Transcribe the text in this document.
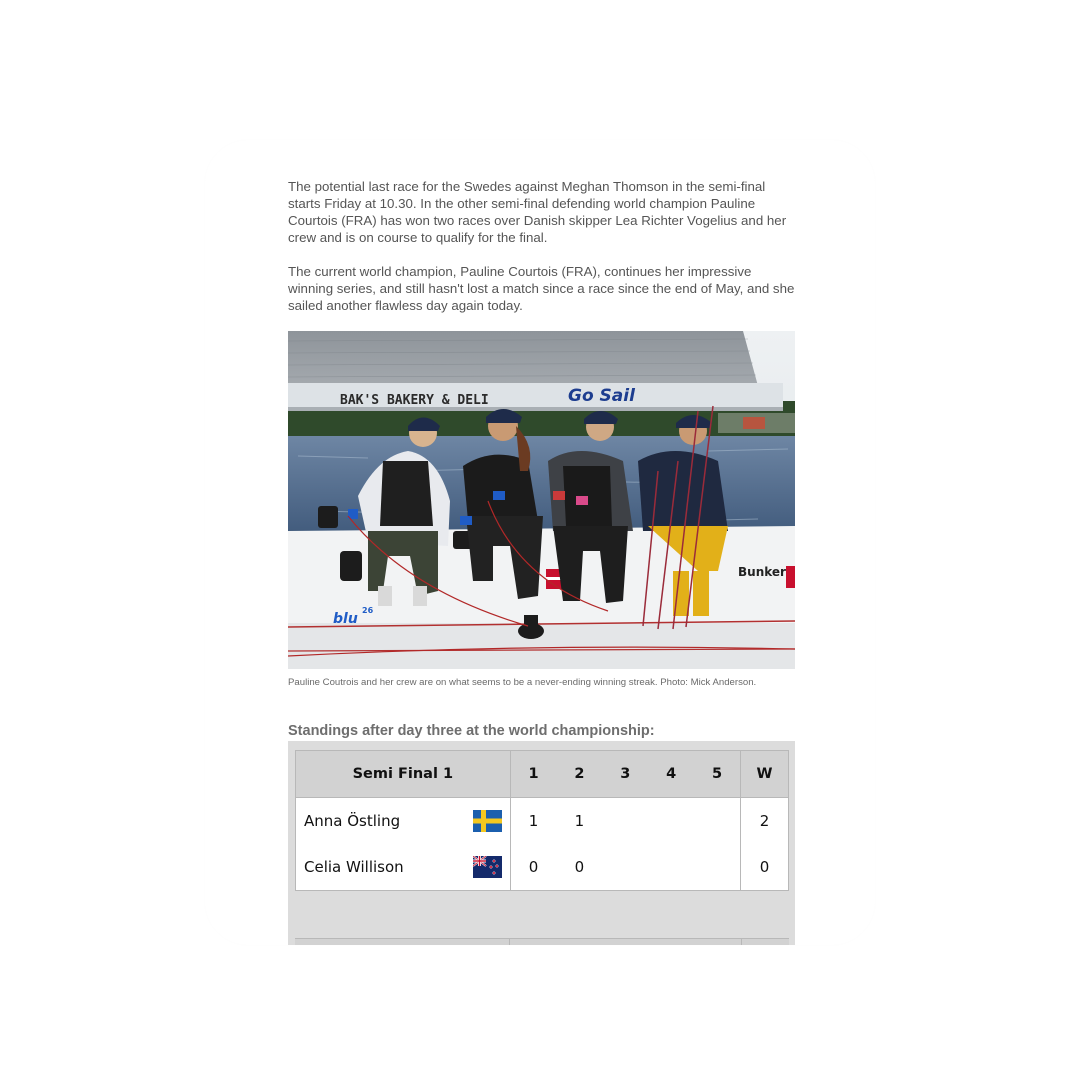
The potential last race for the Swedes against Meghan Thomson in the semi-final starts Friday at 10.30. In the other semi-final defending world champion Pauline Courtois (FRA) has won two races over Danish skipper Lea Richter Vogelius and her crew and is on course to qualify for the final.

The current world champion, Pauline Courtois (FRA), continues her impressive winning series, and still hasn't lost a match since a race since the end of May, and she sailed another flawless day again today.

BAK'S BAKERY & DELI	Go Sail
Bunker
blu
26
Pauline Coutrois and her crew are on what seems to be a never-ending winning streak. Photo: Mick Anderson.
Standings after day three at the world championship:
Semi Final 1	1	2	3	4	5	W

Anna Östling	1	1				2

Celia Willison	0	0				0
